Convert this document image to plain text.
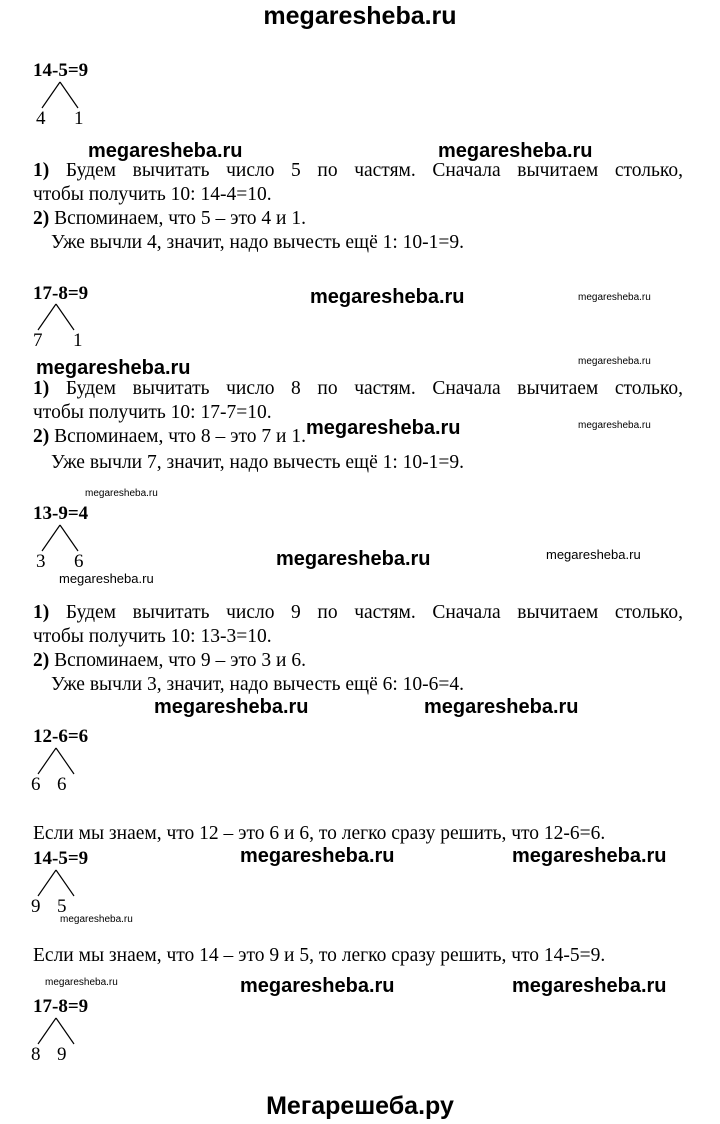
megaresheba.ru
Мегарешеба.ру
14-5=9
4 1
megaresheba.ru	megaresheba.ru
1) Будем вычитать число 5 по частям. Сначала вычитаем столько,
чтобы получить 10: 14-4=10.
2) Вспоминаем, что 5 – это 4 и 1.
Уже вычли 4, значит, надо вычесть ещё 1: 10-1=9.
17-8=9	megaresheba.ru	megaresheba.ru
7 1
megaresheba.ru	megaresheba.ru
1) Будем вычитать число 8 по частям. Сначала вычитаем столько,
чтобы получить 10: 17-7=10.
megaresheba.ru
2) Вспоминаем, что 8 – это 7 и 1. megaresheba.ru
Уже вычли 7, значит, надо вычесть ещё 1: 10-1=9.
megaresheba.ru
13-9=4
3 6	megaresheba.ru	megaresheba.ru
megaresheba.ru
1) Будем вычитать число 9 по частям. Сначала вычитаем столько,
чтобы получить 10: 13-3=10.
2) Вспоминаем, что 9 – это 3 и 6.
Уже вычли 3, значит, надо вычесть ещё 6: 10-6=4.
megaresheba.ru	megaresheba.ru
12-6=6
6 6
Если мы знаем, что 12 – это 6 и 6, то легко сразу решить, что 12-6=6.
14-5=9	megaresheba.ru	megaresheba.ru
9 5
megaresheba.ru
Если мы знаем, что 14 – это 9 и 5, то легко сразу решить, что 14-5=9.
megaresheba.ru	megaresheba.ru	megaresheba.ru
17-8=9
8 9
